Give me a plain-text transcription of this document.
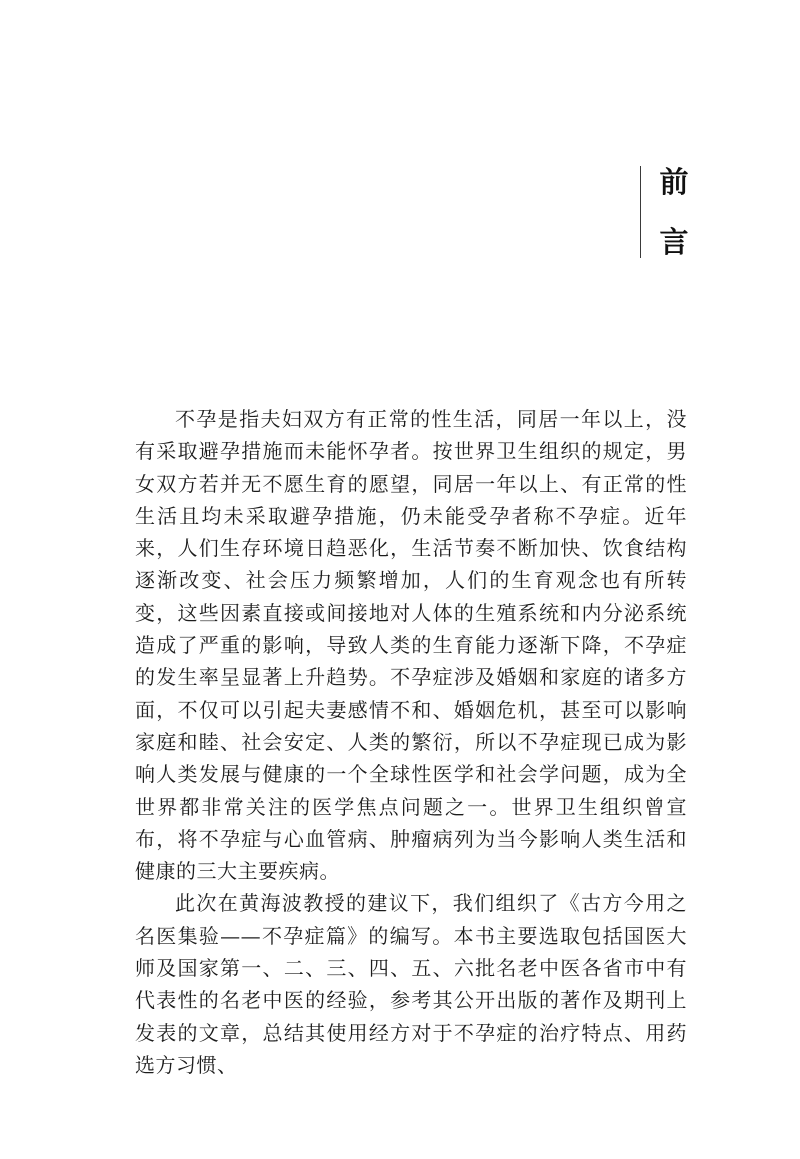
前
言

不孕是指夫妇双方有正常的性生活，同居一年以上，没有采取避孕措施而未能怀孕者。按世界卫生组织的规定，男女双方若并无不愿生育的愿望，同居一年以上、有正常的性生活且均未采取避孕措施，仍未能受孕者称不孕症。近年来，人们生存环境日趋恶化，生活节奏不断加快、饮食结构逐渐改变、社会压力频繁增加，人们的生育观念也有所转变，这些因素直接或间接地对人体的生殖系统和内分泌系统造成了严重的影响，导致人类的生育能力逐渐下降，不孕症的发生率呈显著上升趋势。不孕症涉及婚姻和家庭的诸多方面，不仅可以引起夫妻感情不和、婚姻危机，甚至可以影响家庭和睦、社会安定、人类的繁衍，所以不孕症现已成为影响人类发展与健康的一个全球性医学和社会学问题，成为全世界都非常关注的医学焦点问题之一。世界卫生组织曾宣布，将不孕症与心血管病、肿瘤病列为当今影响人类生活和健康的三大主要疾病。

此次在黄海波教授的建议下，我们组织了《古方今用之名医集验——不孕症篇》的编写。本书主要选取包括国医大师及国家第一、二、三、四、五、六批名老中医各省市中有代表性的名老中医的经验，参考其公开出版的著作及期刊上发表的文章，总结其使用经方对于不孕症的治疗特点、用药选方习惯、
